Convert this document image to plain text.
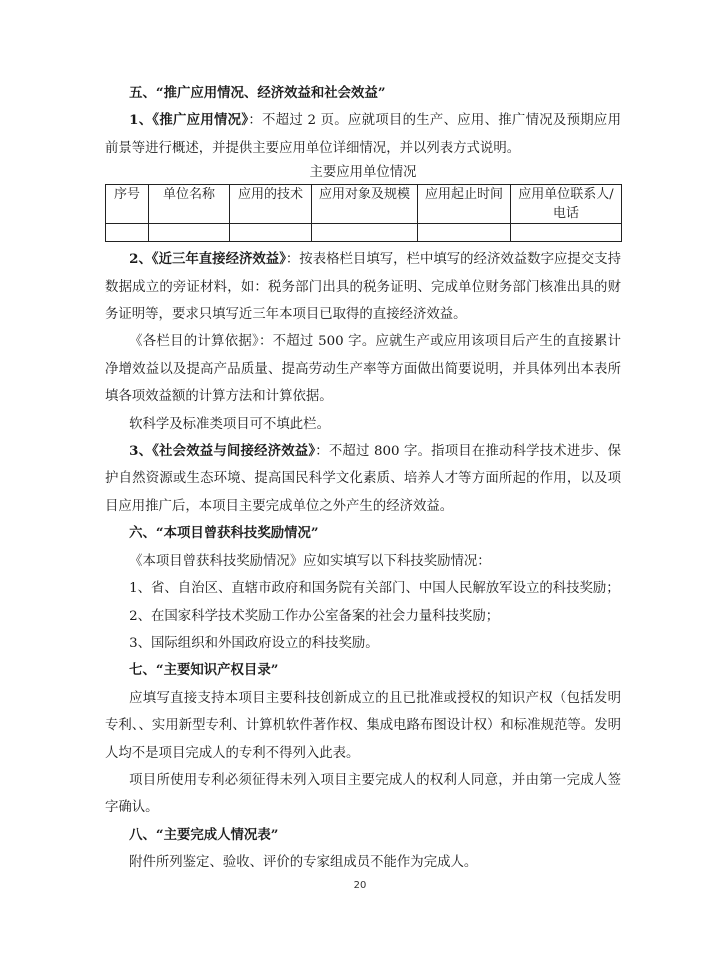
五、“推广应用情况、经济效益和社会效益”

1、《推广应用情况》：不超过 2 页。应就项目的生产、应用、推广情况及预期应用前景等进行概述，并提供主要应用单位详细情况，并以列表方式说明。

主要应用单位情况

序号	单位名称	应用的技术	应用对象及规模	应用起止时间	应用单位联系人/电话

2、《近三年直接经济效益》：按表格栏目填写，栏中填写的经济效益数字应提交支持数据成立的旁证材料，如：税务部门出具的税务证明、完成单位财务部门核准出具的财务证明等，要求只填写近三年本项目已取得的直接经济效益。

《各栏目的计算依据》：不超过 500 字。应就生产或应用该项目后产生的直接累计净增效益以及提高产品质量、提高劳动生产率等方面做出简要说明，并具体列出本表所填各项效益额的计算方法和计算依据。

软科学及标准类项目可不填此栏。

3、《社会效益与间接经济效益》：不超过 800 字。指项目在推动科学技术进步、保护自然资源或生态环境、提高国民科学文化素质、培养人才等方面所起的作用，以及项目应用推广后，本项目主要完成单位之外产生的经济效益。

六、“本项目曾获科技奖励情况”

《本项目曾获科技奖励情况》应如实填写以下科技奖励情况：

1、省、自治区、直辖市政府和国务院有关部门、中国人民解放军设立的科技奖励；

2、在国家科学技术奖励工作办公室备案的社会力量科技奖励；

3、国际组织和外国政府设立的科技奖励。

七、“主要知识产权目录”

应填写直接支持本项目主要科技创新成立的且已批准或授权的知识产权（包括发明专利、、实用新型专利、计算机软件著作权、集成电路布图设计权）和标准规范等。发明人均不是项目完成人的专利不得列入此表。

项目所使用专利必须征得未列入项目主要完成人的权利人同意，并由第一完成人签字确认。

八、“主要完成人情况表”

附件所列鉴定、验收、评价的专家组成员不能作为完成人。

20
